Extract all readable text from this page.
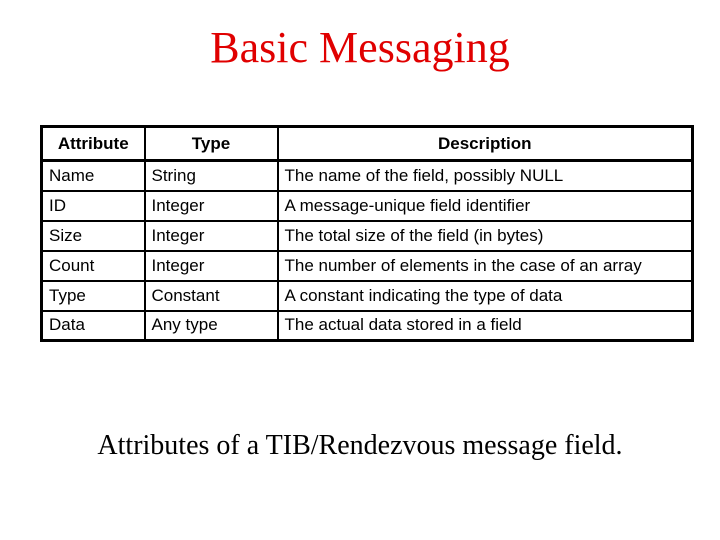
Basic Messaging
Attribute	Type	Description
Name	String	The name of the field, possibly NULL
ID	Integer	A message-unique field identifier
Size	Integer	The total size of the field (in bytes)
Count	Integer	The number of elements in the case of an array
Type	Constant	A constant indicating the type of data
Data	Any type	The actual data stored in a field
Attributes of a TIB/Rendezvous message field.
